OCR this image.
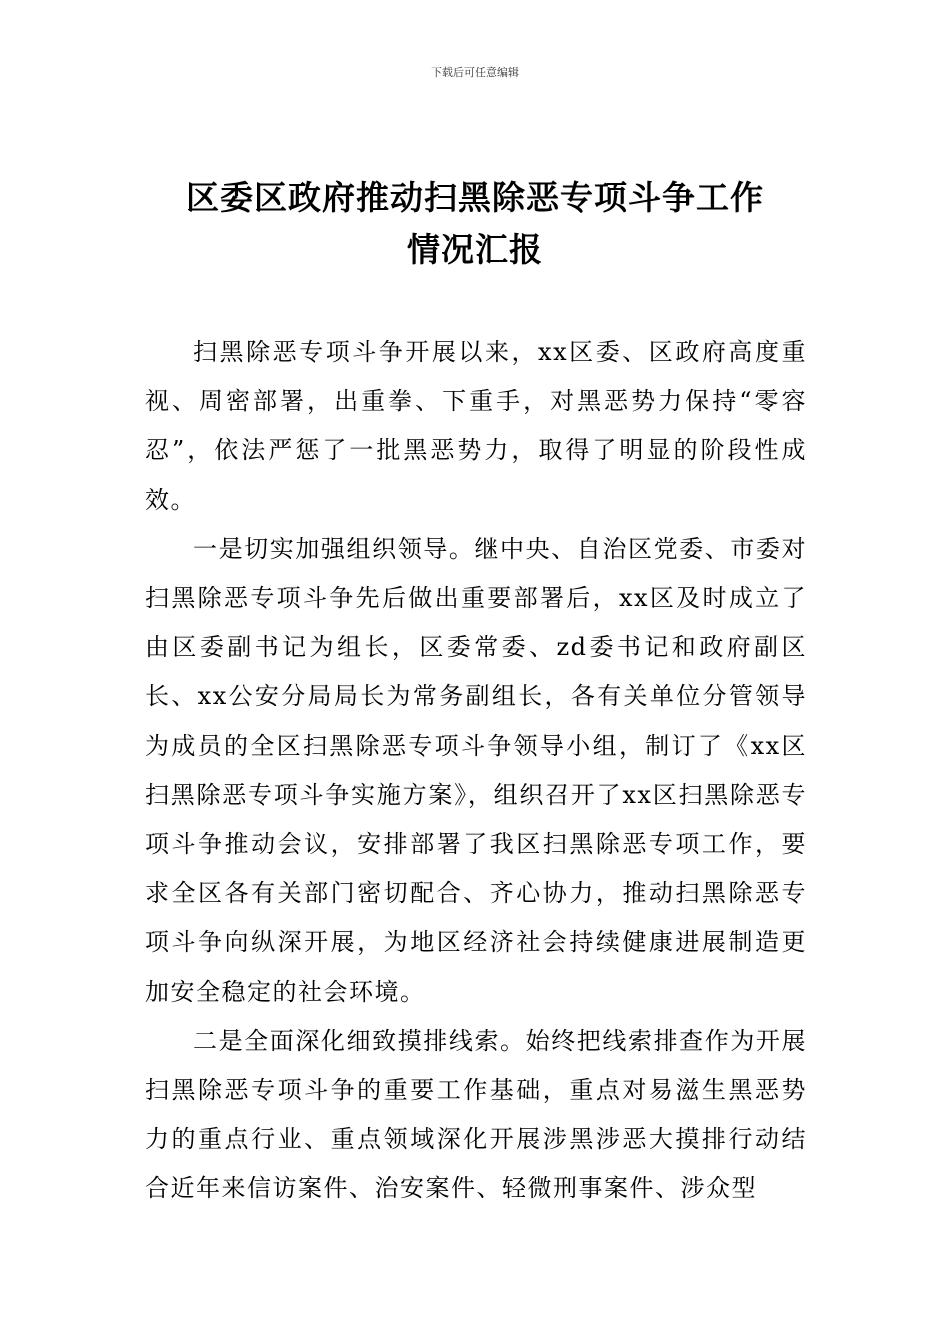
下载后可任意编辑
区委区政府推动扫黑除恶专项斗争工作
情况汇报

扫黑除恶专项斗争开展以来，xx区委、区政府高度重视、周密部署，出重拳、下重手，对黑恶势力保持“零容忍”，依法严惩了一批黑恶势力，取得了明显的阶段性成效。

一是切实加强组织领导。继中央、自治区党委、市委对扫黑除恶专项斗争先后做出重要部署后，xx区及时成立了由区委副书记为组长，区委常委、zd委书记和政府副区长、xx公安分局局长为常务副组长，各有关单位分管领导为成员的全区扫黑除恶专项斗争领导小组，制订了《xx区扫黑除恶专项斗争实施方案》，组织召开了xx区扫黑除恶专项斗争推动会议，安排部署了我区扫黑除恶专项工作，要求全区各有关部门密切配合、齐心协力，推动扫黑除恶专项斗争向纵深开展，为地区经济社会持续健康进展制造更加安全稳定的社会环境。

二是全面深化细致摸排线索。始终把线索排查作为开展扫黑除恶专项斗争的重要工作基础，重点对易滋生黑恶势力的重点行业、重点领域深化开展涉黑涉恶大摸排行动结合近年来信访案件、治安案件、轻微刑事案件、涉众型
